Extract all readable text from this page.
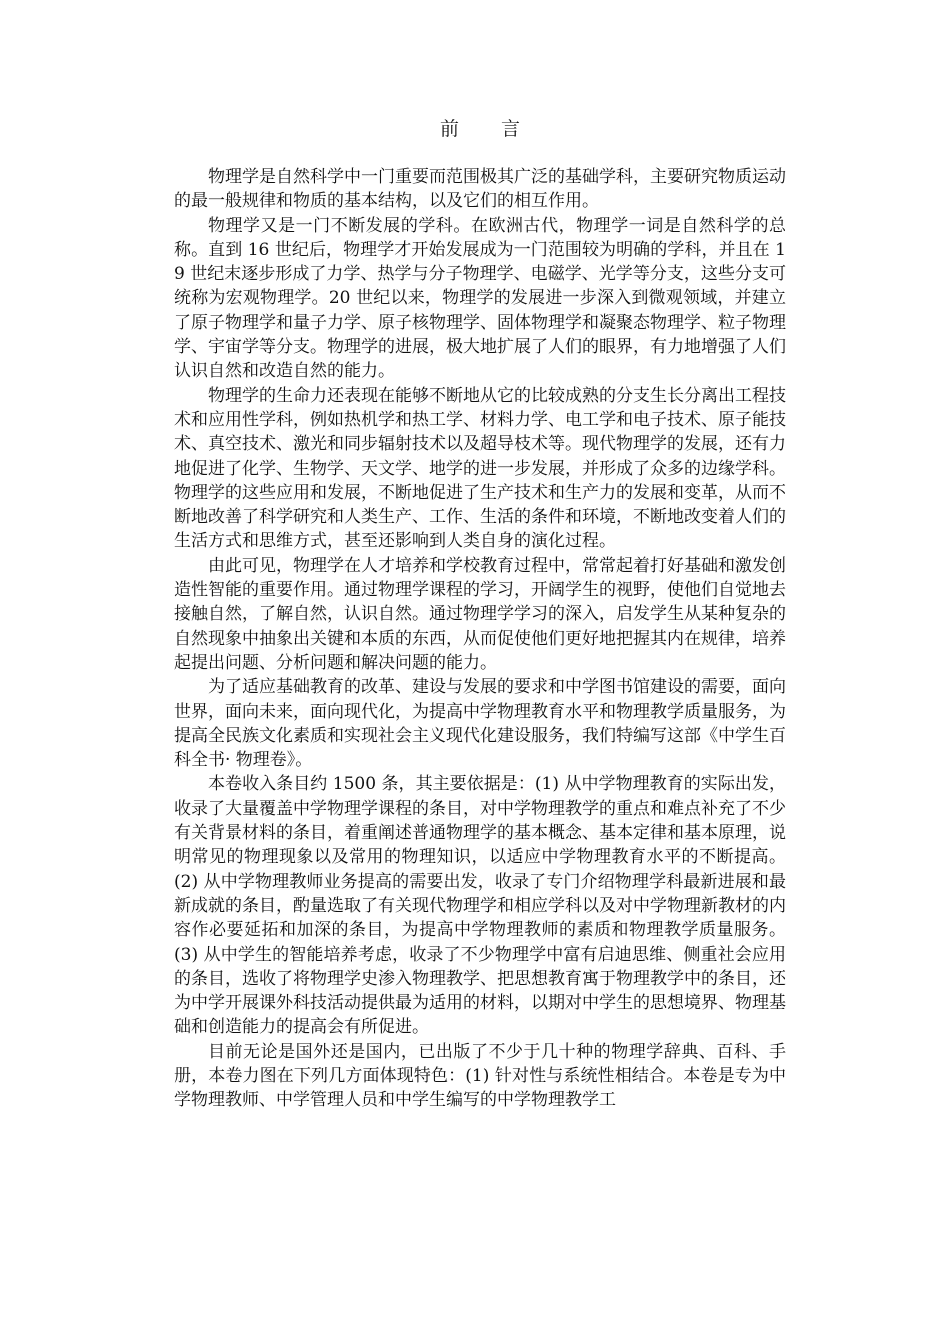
前 言

物理学是自然科学中一门重要而范围极其广泛的基础学科，主要研究物质运动的最一般规律和物质的基本结构，以及它们的相互作用。

物理学又是一门不断发展的学科。在欧洲古代，物理学一词是自然科学的总称。直到 16 世纪后，物理学才开始发展成为一门范围较为明确的学科，并且在 19 世纪末逐步形成了力学、热学与分子物理学、电磁学、光学等分支，这些分支可统称为宏观物理学。20 世纪以来，物理学的发展进一步深入到微观领域，并建立了原子物理学和量子力学、原子核物理学、固体物理学和凝聚态物理学、粒子物理学、宇宙学等分支。物理学的进展，极大地扩展了人们的眼界，有力地增强了人们认识自然和改造自然的能力。

物理学的生命力还表现在能够不断地从它的比较成熟的分支生长分离出工程技术和应用性学科，例如热机学和热工学、材料力学、电工学和电子技术、原子能技术、真空技术、激光和同步辐射技术以及超导枝术等。现代物理学的发展，还有力地促进了化学、生物学、天文学、地学的进一步发展，并形成了众多的边缘学科。物理学的这些应用和发展，不断地促进了生产技术和生产力的发展和变革，从而不断地改善了科学研究和人类生产、工作、生活的条件和环境，不断地改变着人们的生活方式和思维方式，甚至还影响到人类自身的演化过程。

由此可见，物理学在人才培养和学校教育过程中，常常起着打好基础和激发创造性智能的重要作用。通过物理学课程的学习，开阔学生的视野，使他们自觉地去接触自然，了解自然，认识自然。通过物理学学习的深入，启发学生从某种复杂的自然现象中抽象出关键和本质的东西，从而促使他们更好地把握其内在规律，培养起提出问题、分析问题和解决问题的能力。

为了适应基础教育的改革、建设与发展的要求和中学图书馆建设的需要，面向世界，面向未来，面向现代化，为提高中学物理教育水平和物理教学质量服务，为提高全民族文化素质和实现社会主义现代化建设服务，我们特编写这部《中学生百科全书· 物理卷》。

本卷收入条目约 1500 条，其主要依据是：(1) 从中学物理教育的实际出发，收录了大量覆盖中学物理学课程的条目，对中学物理教学的重点和难点补充了不少有关背景材料的条目，着重阐述普通物理学的基本概念、基本定律和基本原理，说明常见的物理现象以及常用的物理知识，以适应中学物理教育水平的不断提高。(2) 从中学物理教师业务提高的需要出发，收录了专门介绍物理学科最新进展和最新成就的条目，酌量选取了有关现代物理学和相应学科以及对中学物理新教材的内容作必要延拓和加深的条目，为提高中学物理教师的素质和物理教学质量服务。(3) 从中学生的智能培养考虑，收录了不少物理学中富有启迪思维、侧重社会应用的条目，选收了将物理学史渗入物理教学、把思想教育寓于物理教学中的条目，还为中学开展课外科技活动提供最为适用的材料，以期对中学生的思想境界、物理基础和创造能力的提高会有所促进。

目前无论是国外还是国内，已出版了不少于几十种的物理学辞典、百科、手册，本卷力图在下列几方面体现特色：(1) 针对性与系统性相结合。本卷是专为中学物理教师、中学管理人员和中学生编写的中学物理教学工
